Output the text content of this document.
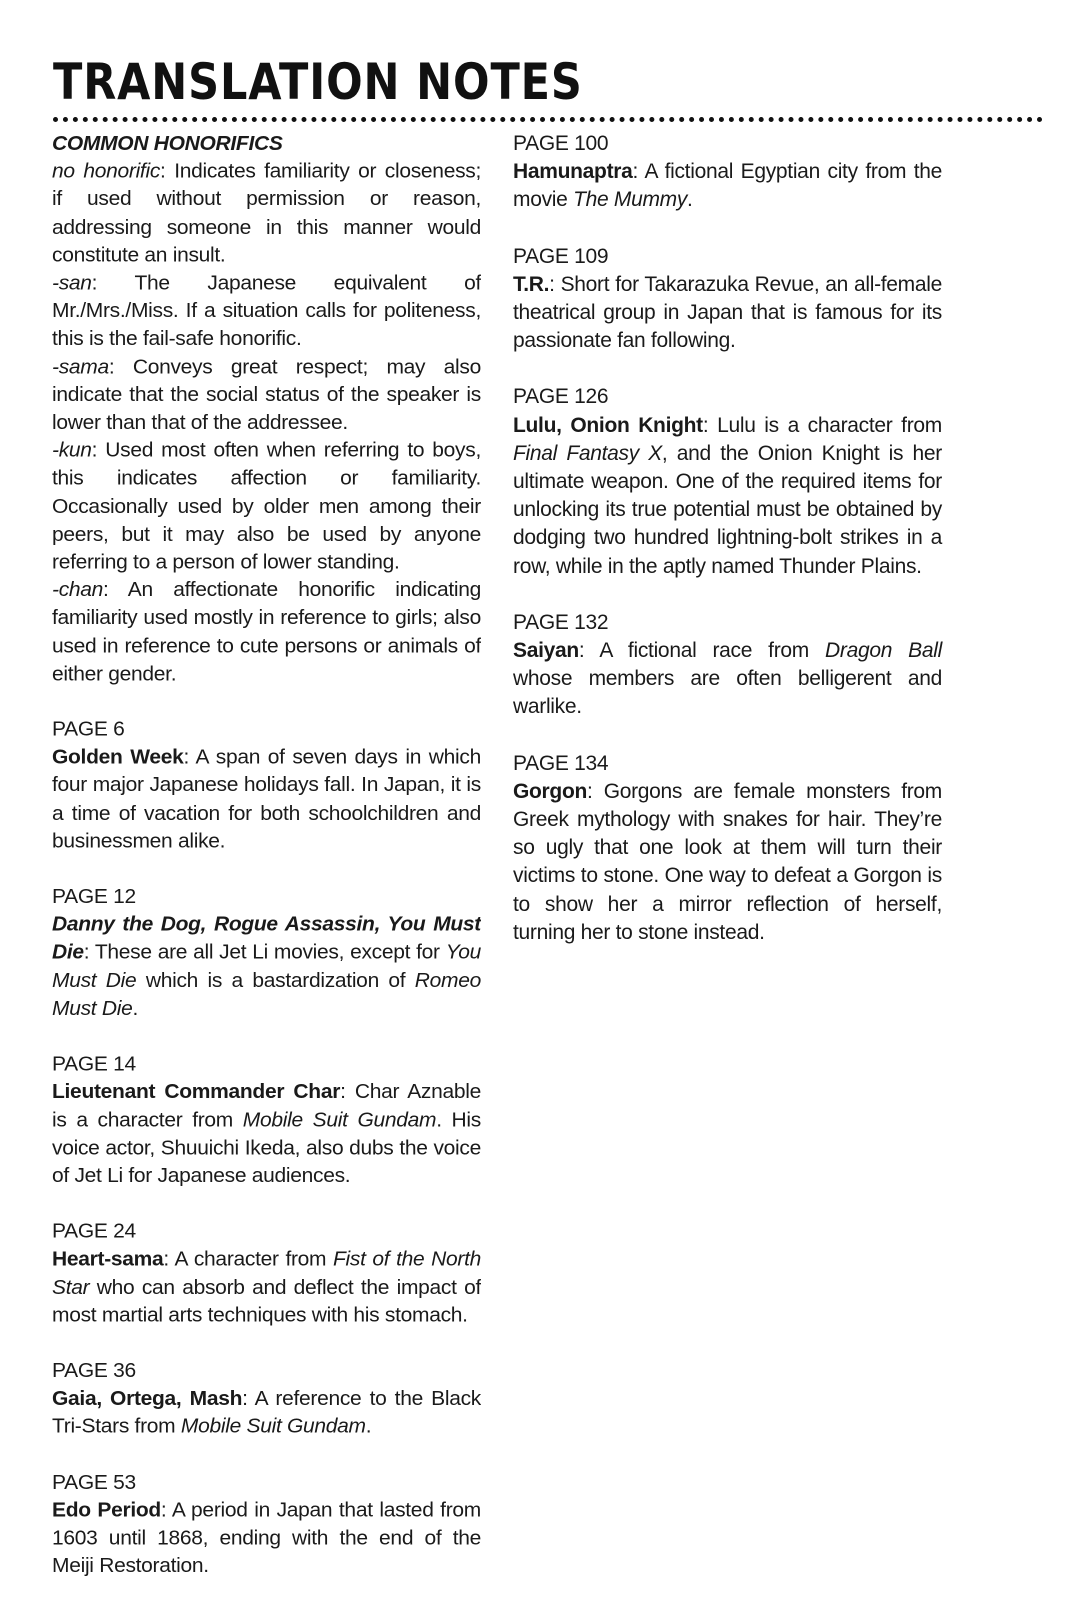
TRANSLATION NOTES
COMMON HONORIFICS

no honorific: Indicates familiarity or closeness; if used without permission or reason, addressing someone in this manner would constitute an insult.

-san: The Japanese equivalent of Mr./Mrs./Miss. If a situation calls for politeness, this is the fail-safe honorific.

-sama: Conveys great respect; may also indicate that the social status of the speaker is lower than that of the addressee.

-kun: Used most often when referring to boys, this indicates affection or familiarity. Occasionally used by older men among their peers, but it may also be used by anyone referring to a person of lower standing.

-chan: An affectionate honorific indicating familiarity used mostly in reference to girls; also used in reference to cute persons or animals of either gender.

PAGE 6

Golden Week: A span of seven days in which four major Japanese holidays fall. In Japan, it is a time of vacation for both schoolchildren and businessmen alike.

PAGE 12

Danny the Dog, Rogue Assassin, You Must Die: These are all Jet Li movies, except for You Must Die which is a bastardization of Romeo Must Die.

PAGE 14

Lieutenant Commander Char: Char Aznable is a character from Mobile Suit Gundam. His voice actor, Shuuichi Ikeda, also dubs the voice of Jet Li for Japanese audiences.

PAGE 24

Heart-sama: A character from Fist of the North Star who can absorb and deflect the impact of most martial arts techniques with his stomach.

PAGE 36

Gaia, Ortega, Mash: A reference to the Black Tri-Stars from Mobile Suit Gundam.

PAGE 53

Edo Period: A period in Japan that lasted from 1603 until 1868, ending with the end of the Meiji Restoration.

PAGE 100

Hamunaptra: A fictional Egyptian city from the movie The Mummy.

PAGE 109

T.R.: Short for Takarazuka Revue, an all-female theatrical group in Japan that is famous for its passionate fan following.

PAGE 126

Lulu, Onion Knight: Lulu is a character from Final Fantasy X, and the Onion Knight is her ultimate weapon. One of the required items for unlocking its true potential must be obtained by dodging two hundred lightning-bolt strikes in a row, while in the aptly named Thunder Plains.

PAGE 132

Saiyan: A fictional race from Dragon Ball whose members are often belligerent and warlike.

PAGE 134

Gorgon: Gorgons are female monsters from Greek mythology with snakes for hair. They’re so ugly that one look at them will turn their victims to stone. One way to defeat a Gorgon is to show her a mirror reflection of herself, turning her to stone instead.
